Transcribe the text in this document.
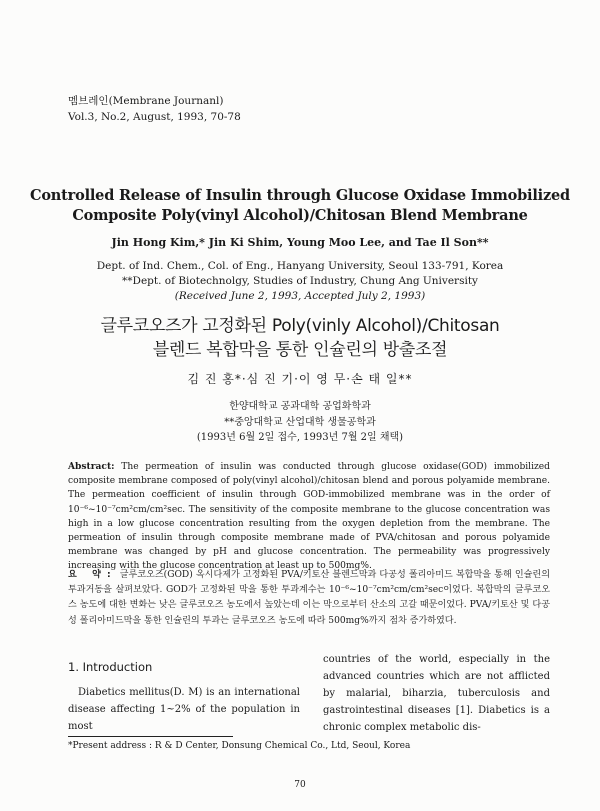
멤브레인(Membrane Journanl)
Vol.3, No.2, August, 1993, 70-78
Controlled Release of Insulin through Glucose Oxidase Immobilized
Composite Poly(vinyl Alcohol)/Chitosan Blend Membrane
Jin Hong Kim,* Jin Ki Shim, Young Moo Lee, and Tae Il Son**
Dept. of Ind. Chem., Col. of Eng., Hanyang University, Seoul 133-791, Korea
**Dept. of Biotechnolgy, Studies of Industry, Chung Ang University
(Received June 2, 1993, Accepted July 2, 1993)
글루코오즈가 고정화된 Poly(vinly Alcohol)/Chitosan
블렌드 복합막을 통한 인슐린의 방출조절
김 진 홍*·심 진 기·이 영 무·손 태 일**
한양대학교 공과대학 공업화학과
**중앙대학교 산업대학 생물공학과
(1993년 6월 2일 접수, 1993년 7월 2일 채택)
Abstract: The permeation of insulin was conducted through glucose oxidase(GOD) immobilized composite membrane composed of poly(vinyl alcohol)/chitosan blend and porous polyamide membrane. The permeation coefficient of insulin through GOD-immobilized membrane was in the order of 10⁻⁶~10⁻⁷cm²cm/cm²sec. The sensitivity of the composite membrane to the glucose concentration was high in a low glucose concentration resulting from the oxygen depletion from the membrane. The permeation of insulin through composite membrane made of PVA/chitosan and porous polyamide membrane was changed by pH and glucose concentration. The permeability was progressively increasing with the glucose concentration at least up to 500mg%.
요 약: 글루코오즈(GOD) 옥시다제가 고정화된 PVA/키토산 블렌드막과 다공성 폴리아미드 복합막을 통해 인슐린의 투과거동을 살펴보았다. GOD가 고정화된 막을 통한 투과계수는 10⁻⁶~10⁻⁷cm²cm/cm²sec이었다. 복합막의 글루코오스 농도에 대한 변화는 낮은 글루코오즈 농도에서 높았는데 이는 막으로부터 산소의 고갈 때문이었다. PVA/키토산 및 다공성 폴리아미드막을 통한 인슐린의 투과는 글루코오즈 농도에 따라 500mg%까지 점차 증가하였다.
1. Introduction
Diabetics mellitus(D. M) is an international disease affecting 1~2% of the population in most
countries of the world, especially in the advanced countries which are not afflicted by malarial, biharzia, tuberculosis and gastrointestinal diseases [1]. Diabetics is a chronic complex metabolic dis-
*Present address : R & D Center, Donsung Chemical Co., Ltd, Seoul, Korea
70
